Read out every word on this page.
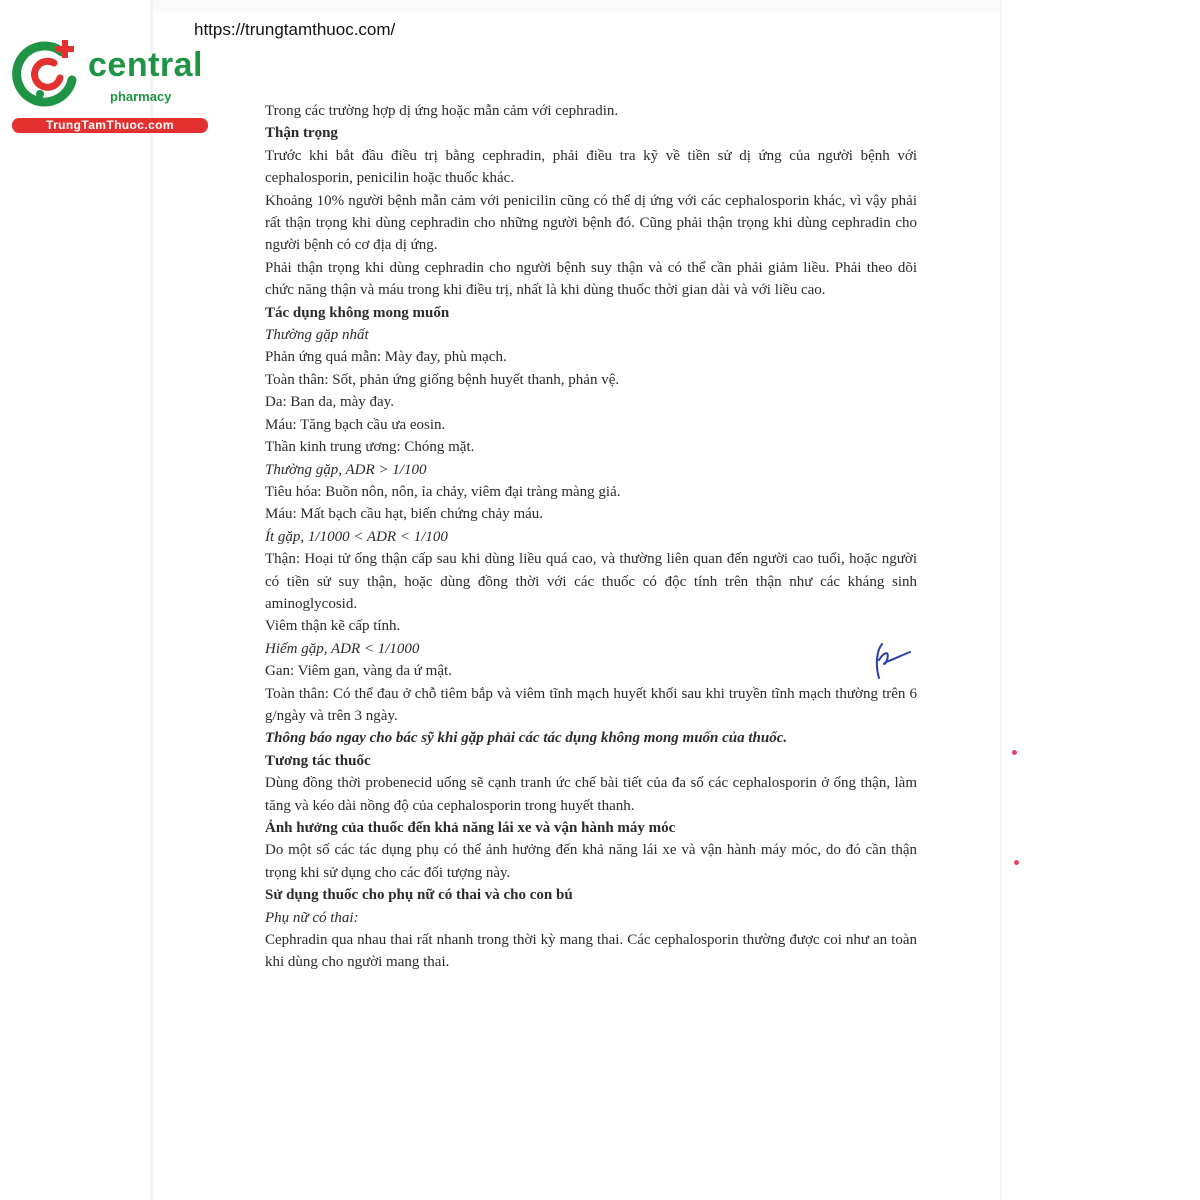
https://trungtamthuoc.com/
central
pharmacy
TrungTamThuoc.com

Trong các trường hợp dị ứng hoặc mẫn cảm với cephradin.

Thận trọng

Trước khi bắt đầu điều trị bằng cephradin, phải điều tra kỹ về tiền sử dị ứng của người bệnh với cephalosporin, penicilin hoặc thuốc khác.

Khoảng 10% người bệnh mẫn cảm với penicilin cũng có thể dị ứng với các cephalosporin khác, vì vậy phải rất thận trọng khi dùng cephradin cho những người bệnh đó. Cũng phải thận trọng khi dùng cephradin cho người bệnh có cơ địa dị ứng.

Phải thận trọng khi dùng cephradin cho người bệnh suy thận và có thể cần phải giảm liều. Phải theo dõi chức năng thận và máu trong khi điều trị, nhất là khi dùng thuốc thời gian dài và với liều cao.

Tác dụng không mong muốn

Thường gặp nhất

Phản ứng quá mẫn: Mày đay, phù mạch.

Toàn thân: Sốt, phản ứng giống bệnh huyết thanh, phản vệ.

Da: Ban da, mày đay.

Máu: Tăng bạch cầu ưa eosin.

Thần kinh trung ương: Chóng mặt.

Thường gặp, ADR > 1/100

Tiêu hóa: Buồn nôn, nôn, ỉa chảy, viêm đại tràng màng giả.

Máu: Mất bạch cầu hạt, biến chứng chảy máu.

Ít gặp, 1/1000 < ADR < 1/100

Thận: Hoại tử ống thận cấp sau khi dùng liều quá cao, và thường liên quan đến người cao tuổi, hoặc người có tiền sử suy thận, hoặc dùng đồng thời với các thuốc có độc tính trên thận như các kháng sinh aminoglycosid.

Viêm thận kẽ cấp tính.

Hiếm gặp, ADR < 1/1000

Gan: Viêm gan, vàng da ứ mật.

Toàn thân: Có thể đau ở chỗ tiêm bắp và viêm tĩnh mạch huyết khối sau khi truyền tĩnh mạch thường trên 6 g/ngày và trên 3 ngày.

Thông báo ngay cho bác sỹ khi gặp phải các tác dụng không mong muốn của thuốc.

Tương tác thuốc

Dùng đồng thời probenecid uống sẽ cạnh tranh ức chế bài tiết của đa số các cephalosporin ở ống thận, làm tăng và kéo dài nồng độ của cephalosporin trong huyết thanh.

Ảnh hưởng của thuốc đến khả năng lái xe và vận hành máy móc

Do một số các tác dụng phụ có thể ảnh hưởng đến khả năng lái xe và vận hành máy móc, do đó cần thận trọng khi sử dụng cho các đối tượng này.

Sử dụng thuốc cho phụ nữ có thai và cho con bú

Phụ nữ có thai:

Cephradin qua nhau thai rất nhanh trong thời kỳ mang thai. Các cephalosporin thường được coi như an toàn khi dùng cho người mang thai.
